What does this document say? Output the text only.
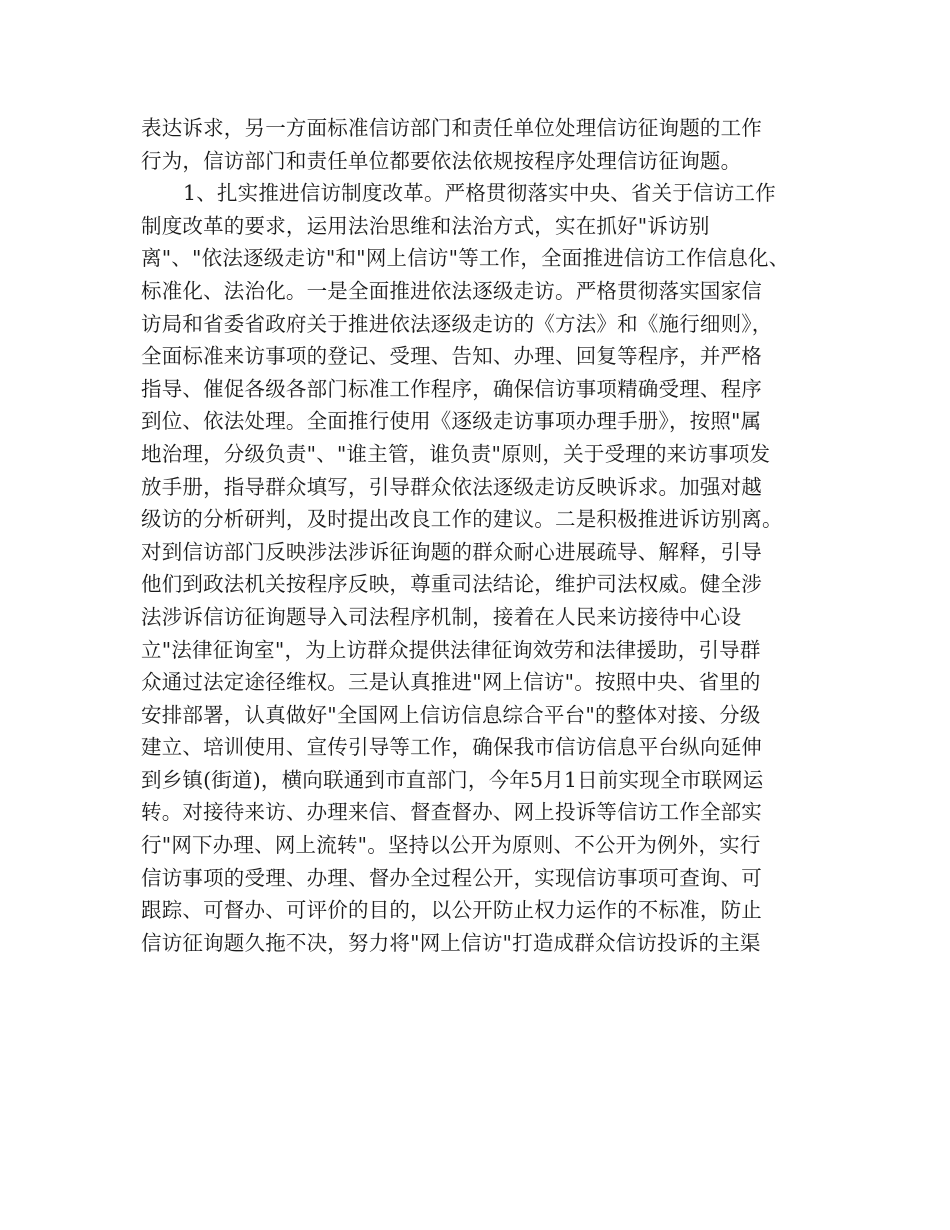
表达诉求，另一方面标准信访部门和责任单位处理信访征询题的工作
行为，信访部门和责任单位都要依法依规按程序处理信访征询题。
1、扎实推进信访制度改革。严格贯彻落实中央、省关于信访工作
制度改革的要求，运用法治思维和法治方式，实在抓好"诉访别
离"、"依法逐级走访"和"网上信访"等工作，全面推进信访工作信息化、
标准化、法治化。一是全面推进依法逐级走访。严格贯彻落实国家信
访局和省委省政府关于推进依法逐级走访的《方法》和《施行细则》，
全面标准来访事项的登记、受理、告知、办理、回复等程序，并严格
指导、催促各级各部门标准工作程序，确保信访事项精确受理、程序
到位、依法处理。全面推行使用《逐级走访事项办理手册》，按照"属
地治理，分级负责"、"谁主管，谁负责"原则，关于受理的来访事项发
放手册，指导群众填写，引导群众依法逐级走访反映诉求。加强对越
级访的分析研判，及时提出改良工作的建议。二是积极推进诉访别离。
对到信访部门反映涉法涉诉征询题的群众耐心进展疏导、解释，引导
他们到政法机关按程序反映，尊重司法结论，维护司法权威。健全涉
法涉诉信访征询题导入司法程序机制，接着在人民来访接待中心设
立"法律征询室"，为上访群众提供法律征询效劳和法律援助，引导群
众通过法定途径维权。三是认真推进"网上信访"。按照中央、省里的
安排部署，认真做好"全国网上信访信息综合平台"的整体对接、分级
建立、培训使用、宣传引导等工作，确保我市信访信息平台纵向延伸
到乡镇(街道)，横向联通到市直部门，今年5月1日前实现全市联网运
转。对接待来访、办理来信、督查督办、网上投诉等信访工作全部实
行"网下办理、网上流转"。坚持以公开为原则、不公开为例外，实行
信访事项的受理、办理、督办全过程公开，实现信访事项可查询、可
跟踪、可督办、可评价的目的，以公开防止权力运作的不标准，防止
信访征询题久拖不决，努力将"网上信访"打造成群众信访投诉的主渠
